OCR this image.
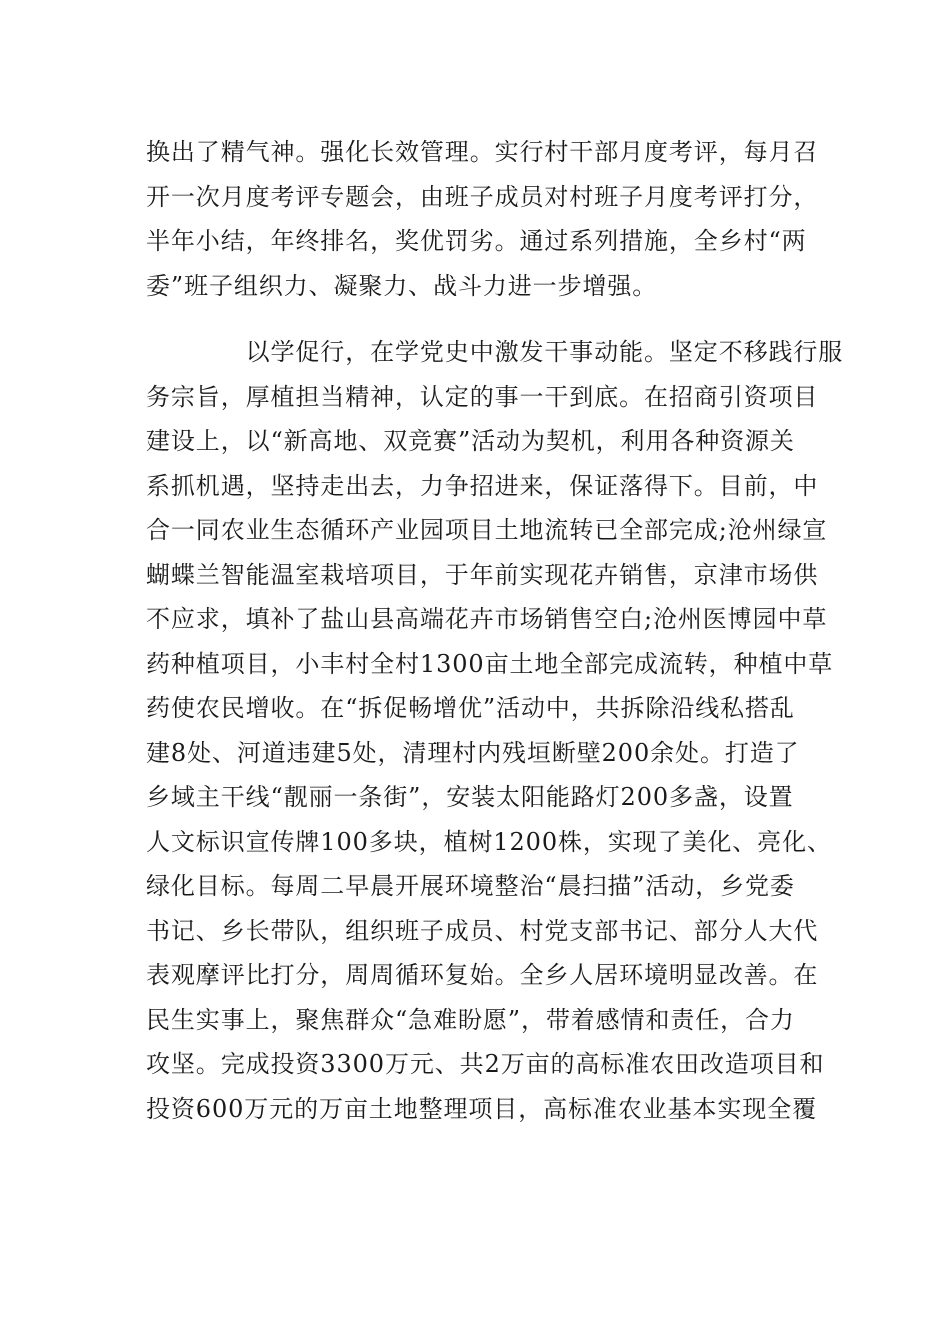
换出了精气神。强化长效管理。实行村干部月度考评，每月召
开一次月度考评专题会，由班子成员对村班子月度考评打分，
半年小结，年终排名，奖优罚劣。通过系列措施，全乡村“两
委”班子组织力、凝聚力、战斗力进一步增强。
　　　　以学促行，在学党史中激发干事动能。坚定不移践行服
务宗旨，厚植担当精神，认定的事一干到底。在招商引资项目
建设上，以“新高地、双竞赛”活动为契机，利用各种资源关
系抓机遇，坚持走出去，力争招进来，保证落得下。目前，中
合一同农业生态循环产业园项目土地流转已全部完成;沧州绿宣
蝴蝶兰智能温室栽培项目，于年前实现花卉销售，京津市场供
不应求，填补了盐山县高端花卉市场销售空白;沧州医博园中草
药种植项目，小丰村全村1300亩土地全部完成流转，种植中草
药使农民增收。在“拆促畅增优”活动中，共拆除沿线私搭乱
建8处、河道违建5处，清理村内残垣断壁200余处。打造了
乡域主干线“靓丽一条街”，安装太阳能路灯200多盏，设置
人文标识宣传牌100多块，植树1200株，实现了美化、亮化、
绿化目标。每周二早晨开展环境整治“晨扫描”活动，乡党委
书记、乡长带队，组织班子成员、村党支部书记、部分人大代
表观摩评比打分，周周循环复始。全乡人居环境明显改善。在
民生实事上，聚焦群众“急难盼愿”，带着感情和责任，合力
攻坚。完成投资3300万元、共2万亩的高标准农田改造项目和
投资600万元的万亩土地整理项目，高标准农业基本实现全覆
